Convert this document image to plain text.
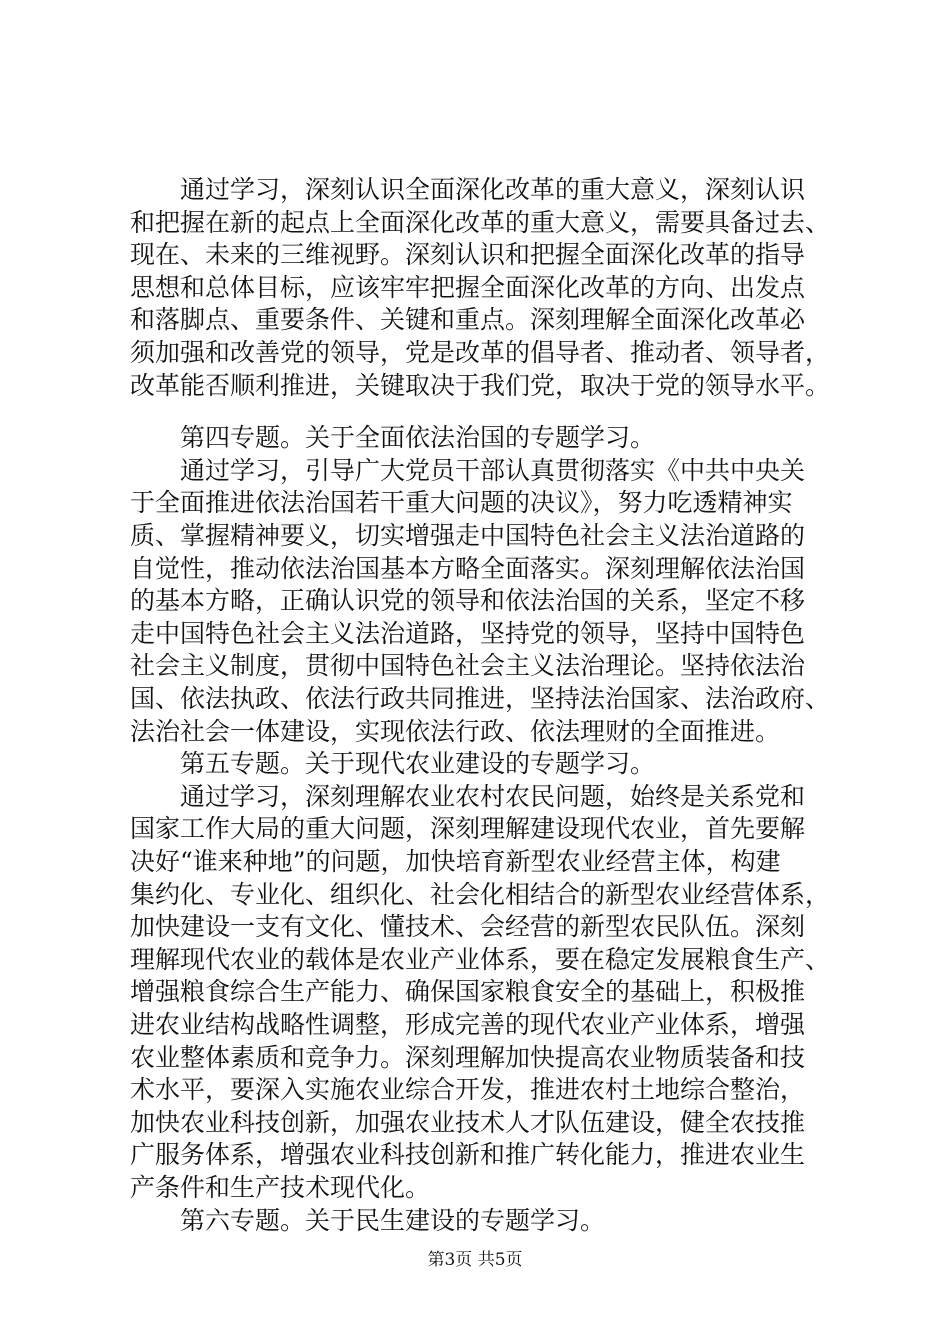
　　通过学习，深刻认识全面深化改革的重大意义，深刻认识
和把握在新的起点上全面深化改革的重大意义，需要具备过去、
现在、未来的三维视野。深刻认识和把握全面深化改革的指导
思想和总体目标，应该牢牢把握全面深化改革的方向、出发点
和落脚点、重要条件、关键和重点。深刻理解全面深化改革必
须加强和改善党的领导，党是改革的倡导者、推动者、领导者，
改革能否顺利推进，关键取决于我们党，取决于党的领导水平。
　　第四专题。关于全面依法治国的专题学习。
　　通过学习，引导广大党员干部认真贯彻落实《中共中央关
于全面推进依法治国若干重大问题的决议》，努力吃透精神实
质、掌握精神要义，切实增强走中国特色社会主义法治道路的
自觉性，推动依法治国基本方略全面落实。深刻理解依法治国
的基本方略，正确认识党的领导和依法治国的关系，坚定不移
走中国特色社会主义法治道路，坚持党的领导，坚持中国特色
社会主义制度，贯彻中国特色社会主义法治理论。坚持依法治
国、依法执政、依法行政共同推进，坚持法治国家、法治政府、
法治社会一体建设，实现依法行政、依法理财的全面推进。
　　第五专题。关于现代农业建设的专题学习。
　　通过学习，深刻理解农业农村农民问题，始终是关系党和
国家工作大局的重大问题，深刻理解建设现代农业，首先要解
决好“谁来种地”的问题，加快培育新型农业经营主体，构建
集约化、专业化、组织化、社会化相结合的新型农业经营体系，
加快建设一支有文化、懂技术、会经营的新型农民队伍。深刻
理解现代农业的载体是农业产业体系，要在稳定发展粮食生产、
增强粮食综合生产能力、确保国家粮食安全的基础上，积极推
进农业结构战略性调整，形成完善的现代农业产业体系，增强
农业整体素质和竞争力。深刻理解加快提高农业物质装备和技
术水平，要深入实施农业综合开发，推进农村土地综合整治，
加快农业科技创新，加强农业技术人才队伍建设，健全农技推
广服务体系，增强农业科技创新和推广转化能力，推进农业生
产条件和生产技术现代化。
　　第六专题。关于民生建设的专题学习。
第3页 共5页
